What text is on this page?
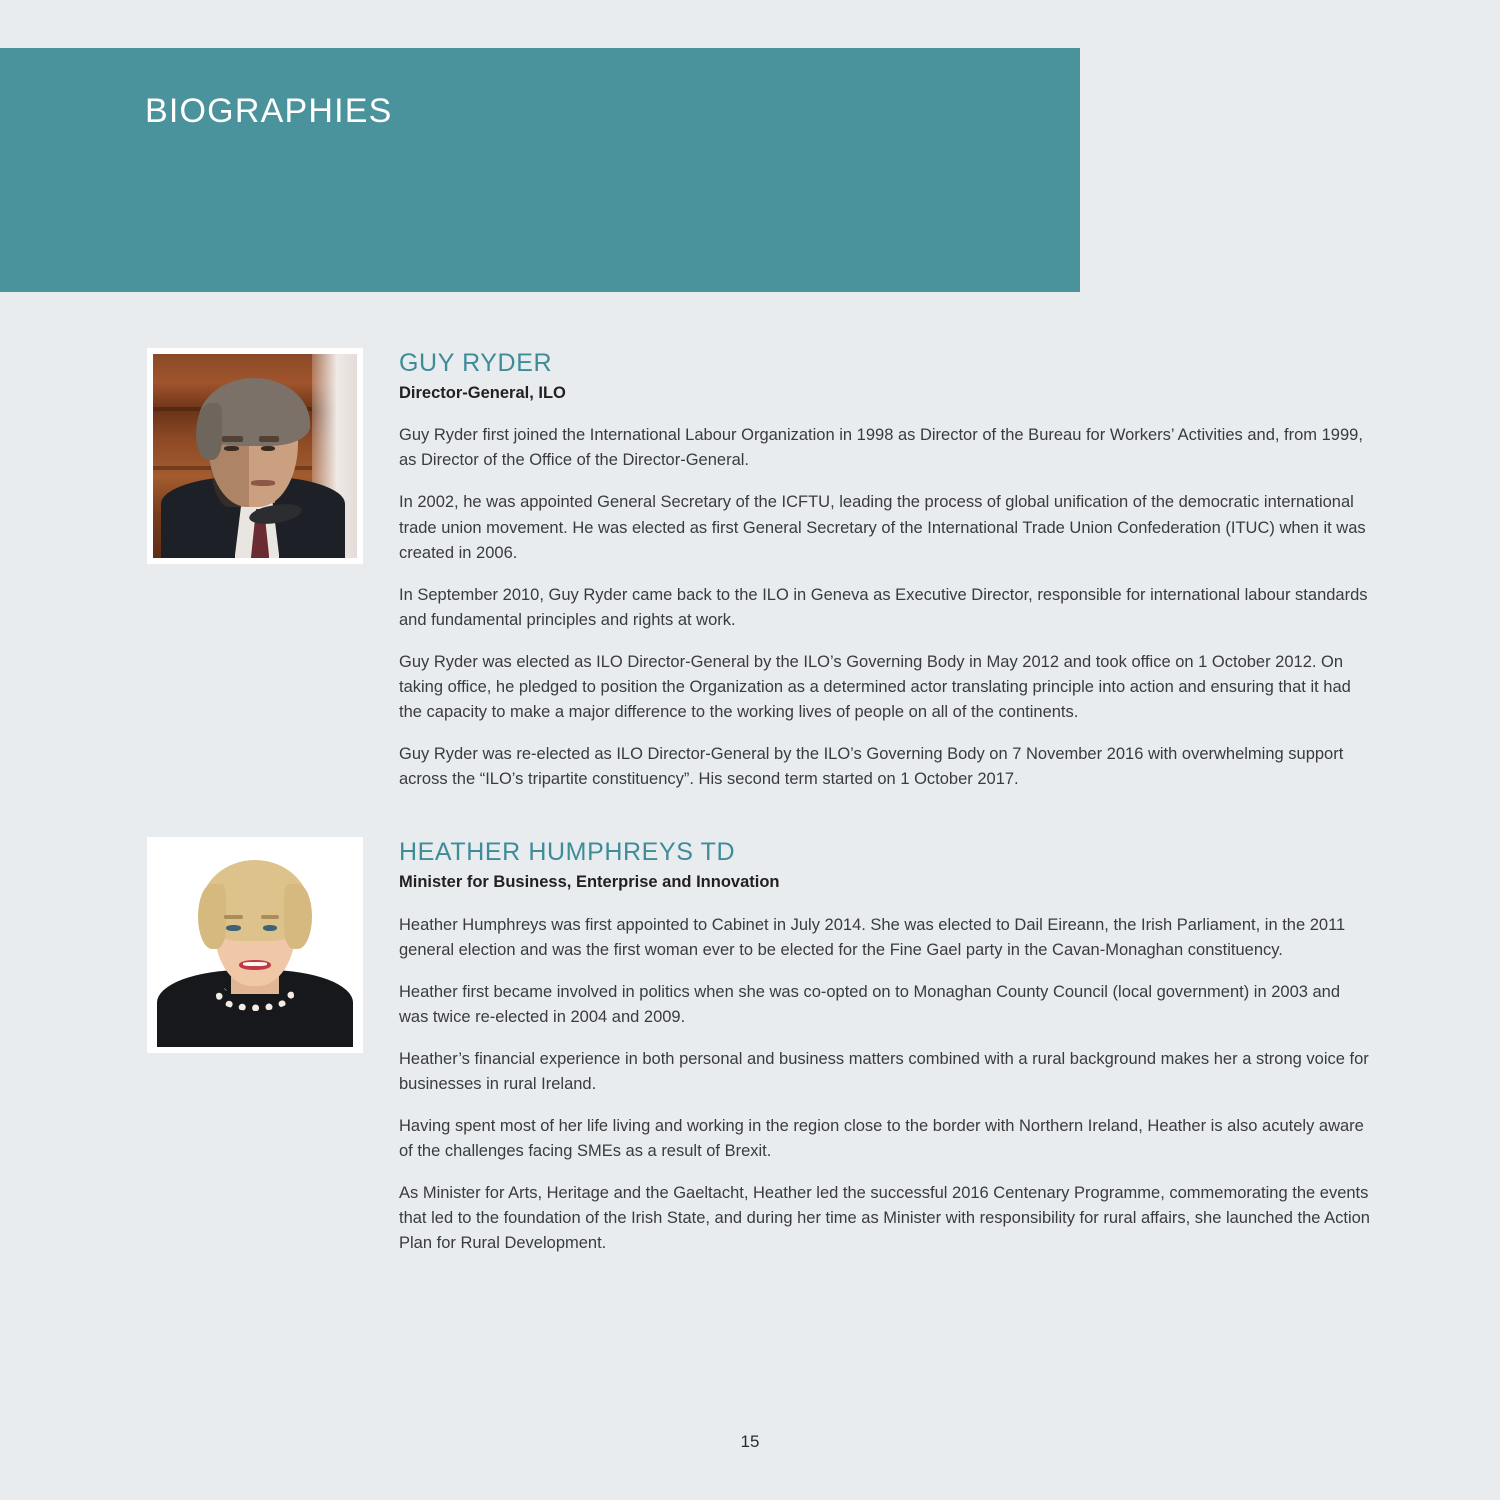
BIOGRAPHIES
GUY RYDER
Director-General, ILO

Guy Ryder first joined the International Labour Organization in 1998 as Director of the Bureau for Workers’ Activities and, from 1999, as Director of the Office of the Director-General.

In 2002, he was appointed General Secretary of the ICFTU, leading the process of global unification of the democratic international trade union movement. He was elected as first General Secretary of the International Trade Union Confederation (ITUC) when it was created in 2006.

In September 2010, Guy Ryder came back to the ILO in Geneva as Executive Director, responsible for international labour standards and fundamental principles and rights at work.

Guy Ryder was elected as ILO Director-General by the ILO’s Governing Body in May 2012 and took office on 1 October 2012. On taking office, he pledged to position the Organization as a determined actor translating principle into action and ensuring that it had the capacity to make a major difference to the working lives of people on all of the continents.

Guy Ryder was re-elected as ILO Director-General by the ILO’s Governing Body on 7 November 2016 with overwhelming support across the “ILO’s tripartite constituency”. His second term started on 1 October 2017.

HEATHER HUMPHREYS TD
Minister for Business, Enterprise and Innovation

Heather Humphreys was first appointed to Cabinet in July 2014. She was elected to Dail Eireann, the Irish Parliament, in the 2011 general election and was the first woman ever to be elected for the Fine Gael party in the Cavan-Monaghan constituency.

Heather first became involved in politics when she was co-opted on to Monaghan County Council (local government) in 2003 and was twice re-elected in 2004 and 2009.

Heather’s financial experience in both personal and business matters combined with a rural background makes her a strong voice for businesses in rural Ireland.

Having spent most of her life living and working in the region close to the border with Northern Ireland, Heather is also acutely aware of the challenges facing SMEs as a result of Brexit.

As Minister for Arts, Heritage and the Gaeltacht, Heather led the successful 2016 Centenary Programme, commemorating the events that led to the foundation of the Irish State, and during her time as Minister with responsibility for rural affairs, she launched the Action Plan for Rural Development.

15
